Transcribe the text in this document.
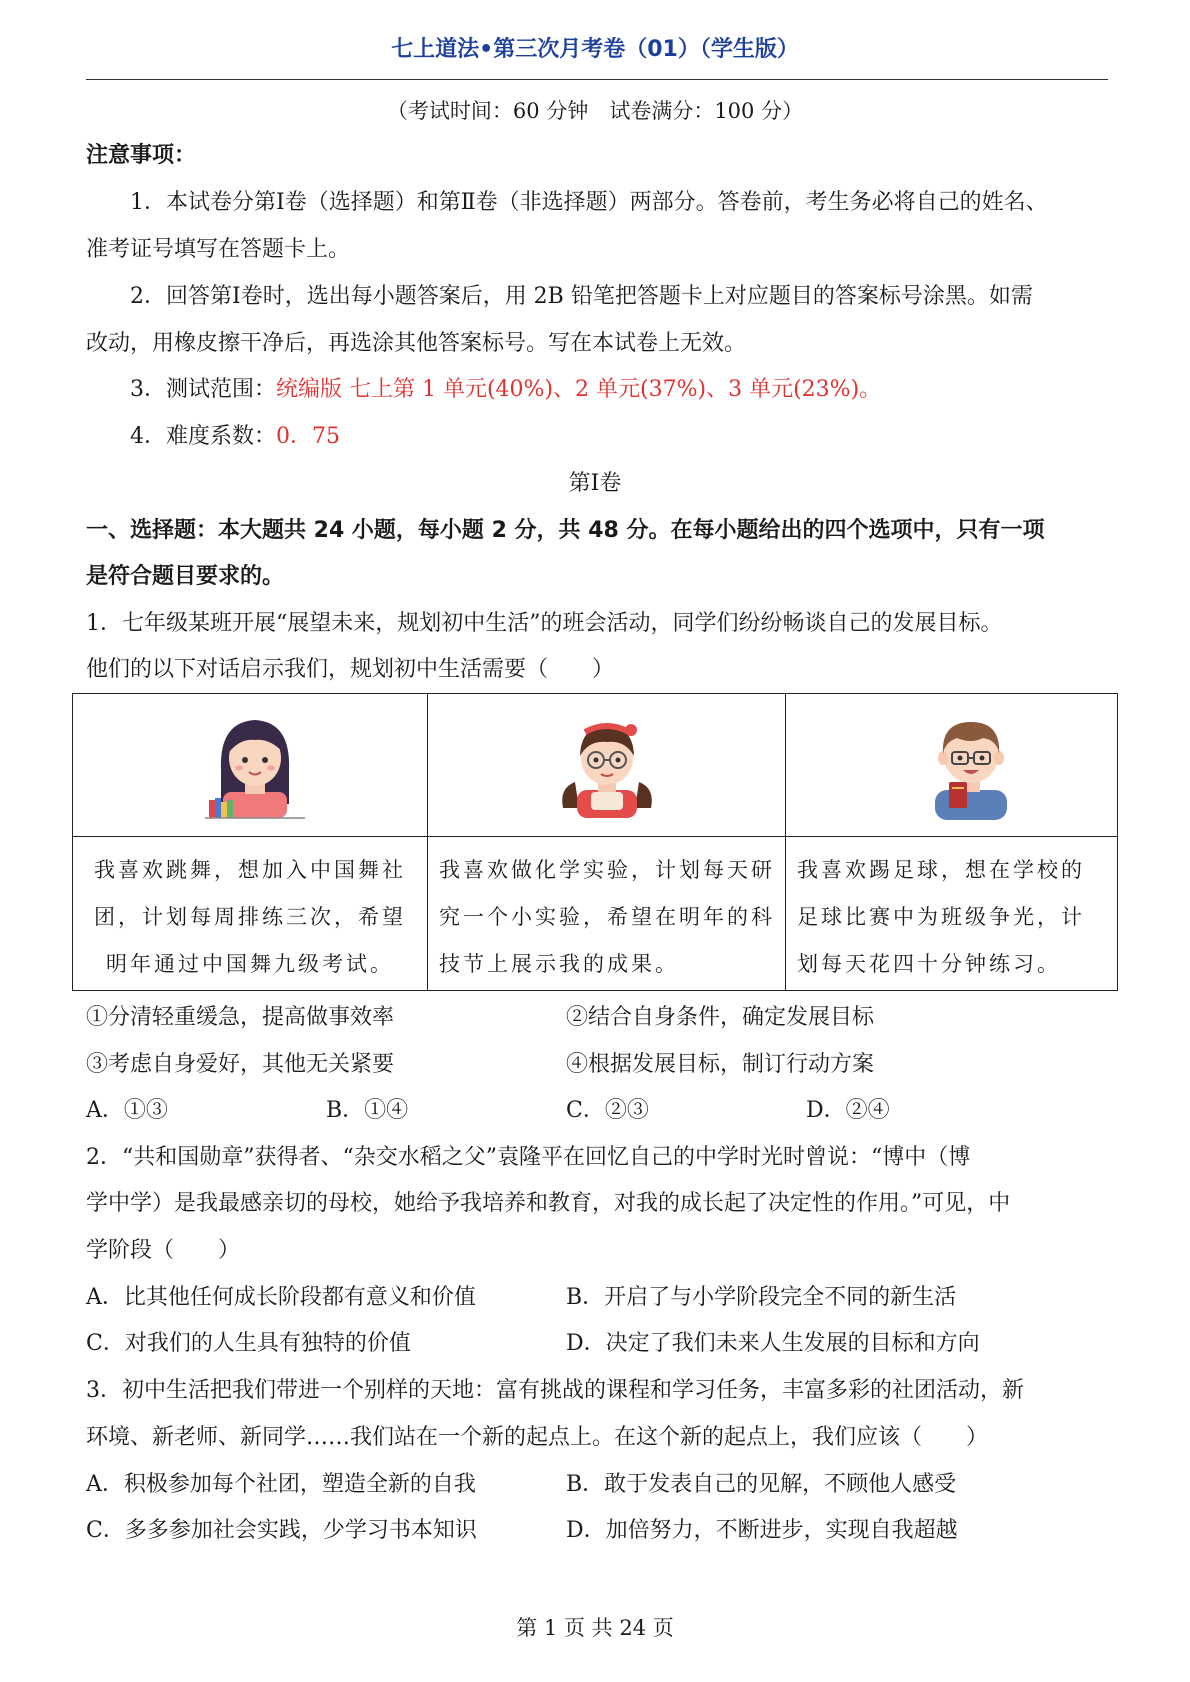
七上道法•第三次月考卷（01）（学生版）
（考试时间：60 分钟　试卷满分：100 分）
注意事项：
1．本试卷分第Ⅰ卷（选择题）和第Ⅱ卷（非选择题）两部分。答卷前，考生务必将自己的姓名、
准考证号填写在答题卡上。
2．回答第Ⅰ卷时，选出每小题答案后，用 2B 铅笔把答题卡上对应题目的答案标号涂黑。如需
改动，用橡皮擦干净后，再选涂其他答案标号。写在本试卷上无效。
3．测试范围：统编版 七上第 1 单元(40%)、2 单元(37%)、3 单元(23%)。
4．难度系数：0．75
第Ⅰ卷
一、选择题：本大题共 24 小题，每小题 2 分，共 48 分。在每小题给出的四个选项中，只有一项
是符合题目要求的。
1．七年级某班开展“展望未来，规划初中生活”的班会活动，同学们纷纷畅谈自己的发展目标。
他们的以下对话启示我们，规划初中生活需要（　　）
我喜欢跳舞，想加入中国舞社团，计划每周排练三次，希望明年通过中国舞九级考试。
我喜欢做化学实验，计划每天研究一个小实验，希望在明年的科技节上展示我的成果。
我喜欢踢足球，想在学校的足球比赛中为班级争光，计划每天花四十分钟练习。
①分清轻重缓急，提高做事效率	②结合自身条件，确定发展目标
③考虑自身爱好，其他无关紧要	④根据发展目标，制订行动方案
A．①③	B．①④	C．②③	D．②④
2．“共和国勋章”获得者、“杂交水稻之父”袁隆平在回忆自己的中学时光时曾说：“博中（博
学中学）是我最感亲切的母校，她给予我培养和教育，对我的成长起了决定性的作用。”可见，中
学阶段（　　）
A．比其他任何成长阶段都有意义和价值	B．开启了与小学阶段完全不同的新生活
C．对我们的人生具有独特的价值	D．决定了我们未来人生发展的目标和方向
3．初中生活把我们带进一个别样的天地：富有挑战的课程和学习任务，丰富多彩的社团活动，新
环境、新老师、新同学……我们站在一个新的起点上。在这个新的起点上，我们应该（　　）
A．积极参加每个社团，塑造全新的自我	B．敢于发表自己的见解，不顾他人感受
C．多多参加社会实践，少学习书本知识	D．加倍努力，不断进步，实现自我超越
第 1 页 共 24 页
